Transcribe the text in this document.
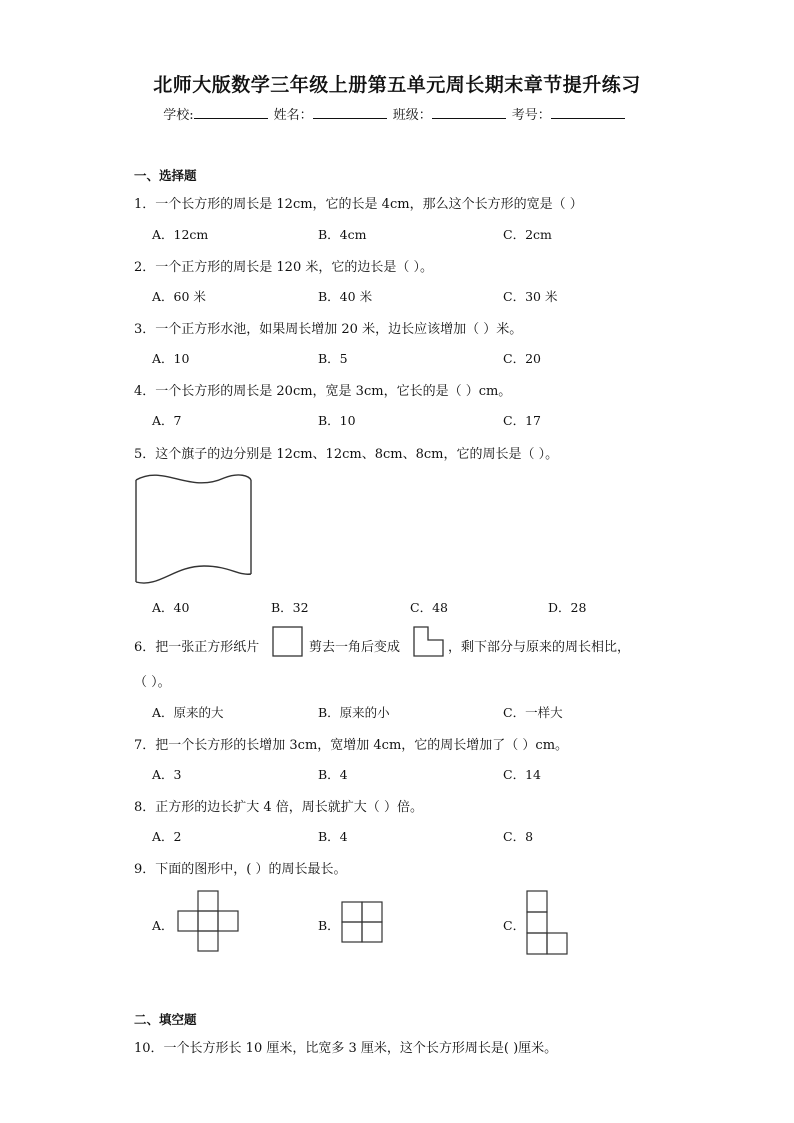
北师大版数学三年级上册第五单元周长期末章节提升练习
学校:	姓名：	班级：	考号：
一、选择题
1．一个长方形的周长是 12cm，它的长是 4cm，那么这个长方形的宽是（ ）
A．12cm	B．4cm	C．2cm
2．一个正方形的周长是 120 米，它的边长是（ ）。
A．60 米	B．40 米	C．30 米
3．一个正方形水池，如果周长增加 20 米，边长应该增加（ ）米。
A．10	B．5	C．20
4．一个长方形的周长是 20cm，宽是 3cm，它长的是（ ）cm。
A．7	B．10	C．17
5．这个旗子的边分别是 12cm、12cm、8cm、8cm，它的周长是（ ）。
A．40	B．32	C．48	D．28
6．把一张正方形纸片	剪去一角后变成	，剩下部分与原来的周长相比，
（ ）。
A．原来的大	B．原来的小	C．一样大
7．把一个长方形的长增加 3cm，宽增加 4cm，它的周长增加了（ ）cm。
A．3	B．4	C．14
8．正方形的边长扩大 4 倍，周长就扩大（ ）倍。
A．2	B．4	C．8
9．下面的图形中，( ）的周长最长。
A．	B．	C．
二、填空题
10．一个长方形长 10 厘米，比宽多 3 厘米，这个长方形周长是( )厘米。
